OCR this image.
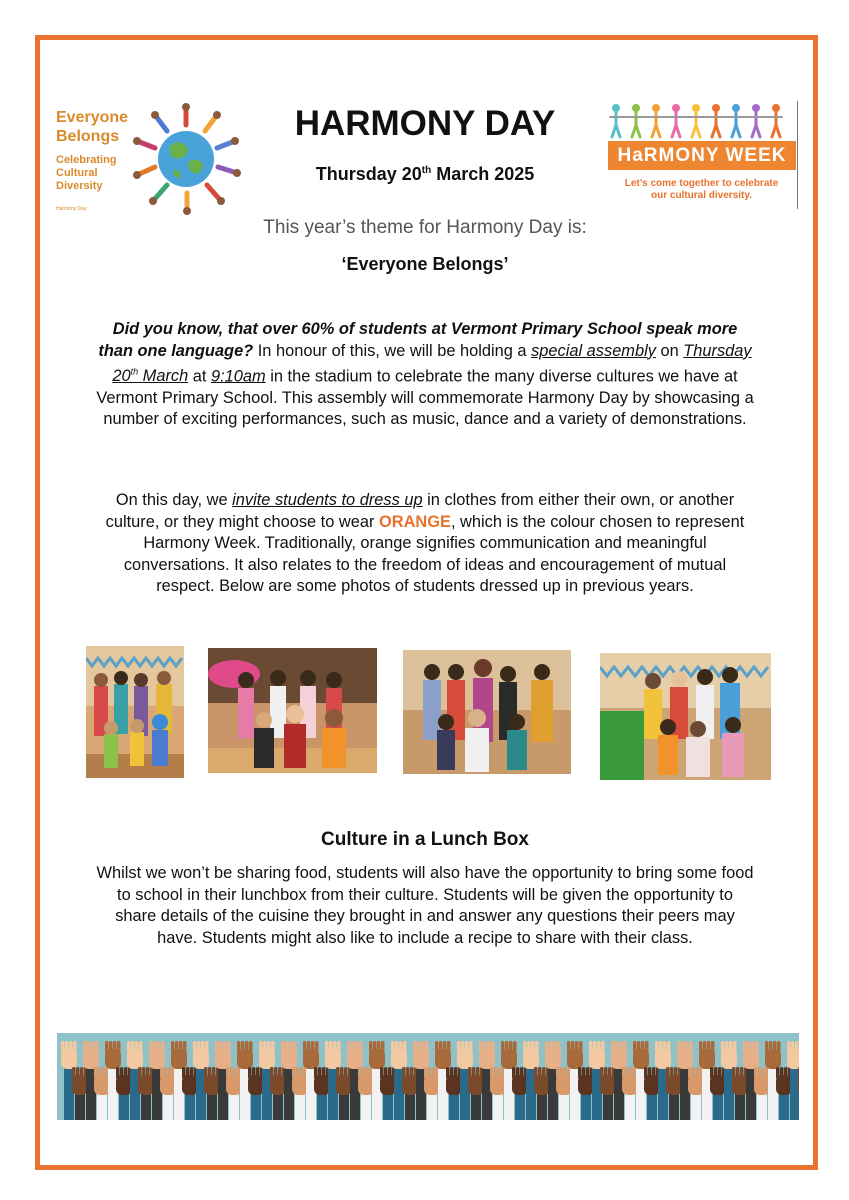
Everyone
Belongs
Celebrating
Cultural
Diversity
Harmony Day
HARMONY DAY
Thursday 20th March 2025
HaRMONY WEEK
Let’s come together to celebrate
our cultural diversity.
This year’s theme for Harmony Day is:
‘Everyone Belongs’
Did you know, that over 60% of students at Vermont Primary School speak more than one language? In honour of this, we will be holding a special assembly on Thursday 20th March at 9:10am in the stadium to celebrate the many diverse cultures we have at Vermont Primary School. This assembly will commemorate Harmony Day by showcasing a number of exciting performances, such as music, dance and a variety of demonstrations.
On this day, we invite students to dress up in clothes from either their own, or another culture, or they might choose to wear ORANGE, which is the colour chosen to represent Harmony Week. Traditionally, orange signifies communication and meaningful conversations. It also relates to the freedom of ideas and encouragement of mutual respect. Below are some photos of students dressed up in previous years.
Culture in a Lunch Box
Whilst we won’t be sharing food, students will also have the opportunity to bring some food to school in their lunchbox from their culture. Students will be given the opportunity to share details of the cuisine they brought in and answer any questions their peers may have. Students might also like to include a recipe to share with their class.
